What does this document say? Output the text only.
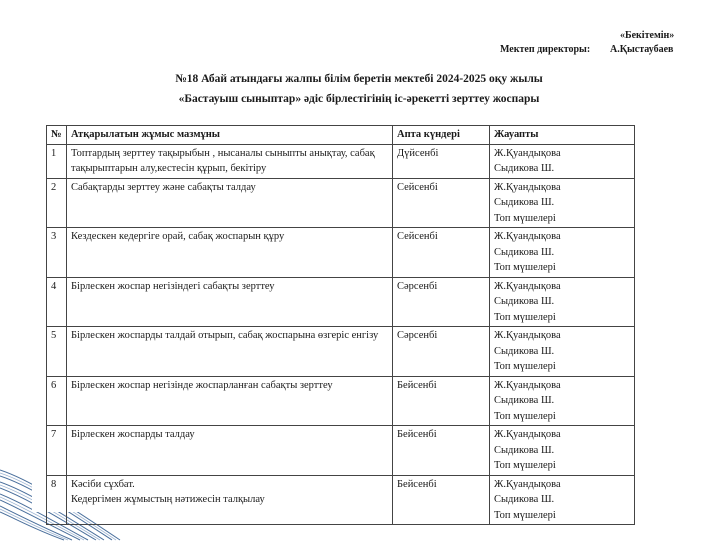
«Бекітемін»
Мектеп директоры: А.Қыстаубаев
№18 Абай атындағы жалпы білім беретін мектебі 2024-2025 оқу жылы
«Бастауыш сыныптар» әдіс бірлестігінің іс-әрекетті зерттеу жоспары
№	Атқарылатын жұмыс мазмұны	Апта күндері	Жауапты
1	Топтардың зерттеу тақырыбын , нысаналы сыныпты анықтау, сабақ тақырыптарын алу,кестесін құрып, бекітіру	Дүйсенбі	Ж.Қуандықова
Сыдикова Ш.

2	Сабақтарды зерттеу және сабақты талдау	Сейсенбі	Ж.Қуандықова
Сыдикова Ш.
Топ мүшелері

3	Кездескен кедергіге орай, сабақ жоспарын құру	Сейсенбі	Ж.Қуандықова
Сыдикова Ш.
Топ мүшелері

4	Бірлескен жоспар негізіндегі сабақты зерттеу	Сәрсенбі	Ж.Қуандықова
Сыдикова Ш.
Топ мүшелері

5	Бірлескен жоспарды талдай отырып, сабақ жоспарына өзгеріс енгізу	Сәрсенбі	Ж.Қуандықова
Сыдикова Ш.
Топ мүшелері

6	Бірлескен жоспар негізінде жоспарланған сабақты зерттеу	Бейсенбі	Ж.Қуандықова
Сыдикова Ш.
Топ мүшелері

7	Бірлескен жоспарды талдау	Бейсенбі	Ж.Қуандықова
Сыдикова Ш.
Топ мүшелері

8	Кәсіби сұхбат.
Кедергімен жұмыстың нәтижесін талқылау	Бейсенбі	Ж.Қуандықова
Сыдикова Ш.
Топ мүшелері
